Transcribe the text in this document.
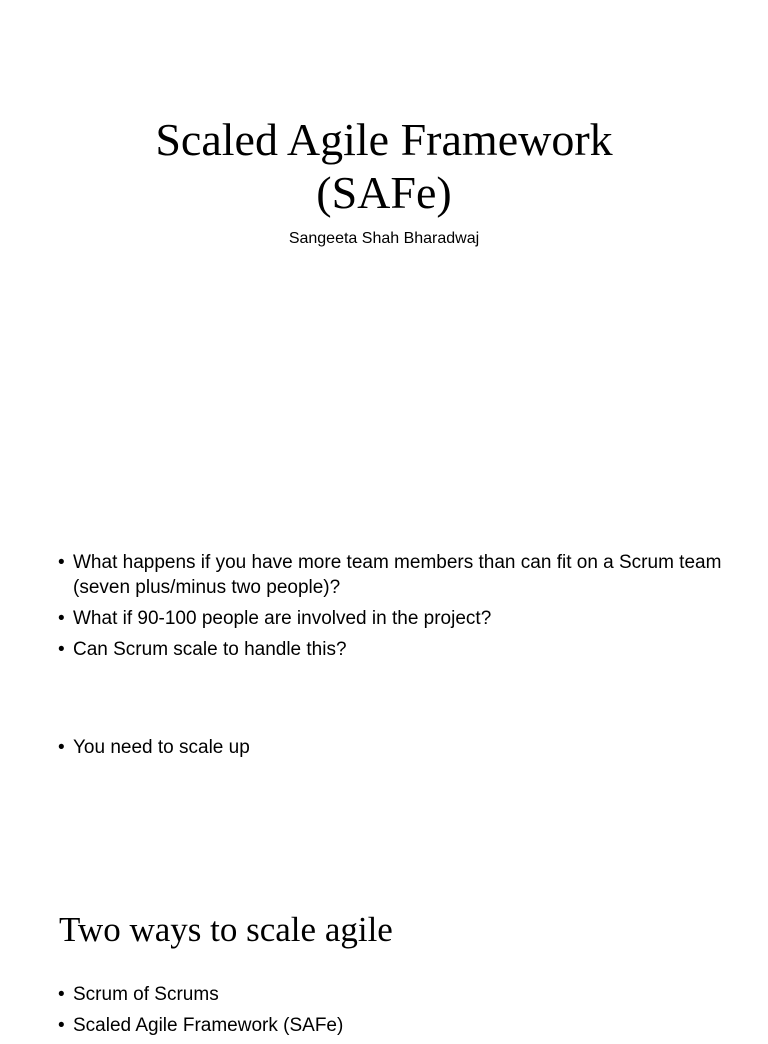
Scaled Agile Framework
(SAFe)
Sangeeta Shah Bharadwaj
• What happens if you have more team members than can fit on a Scrum team (seven plus/minus two people)?
• What if 90-100 people are involved in the project?
• Can Scrum scale to handle this?
• You need to scale up
Two ways to scale agile
• Scrum of Scrums
• Scaled Agile Framework (SAFe)
